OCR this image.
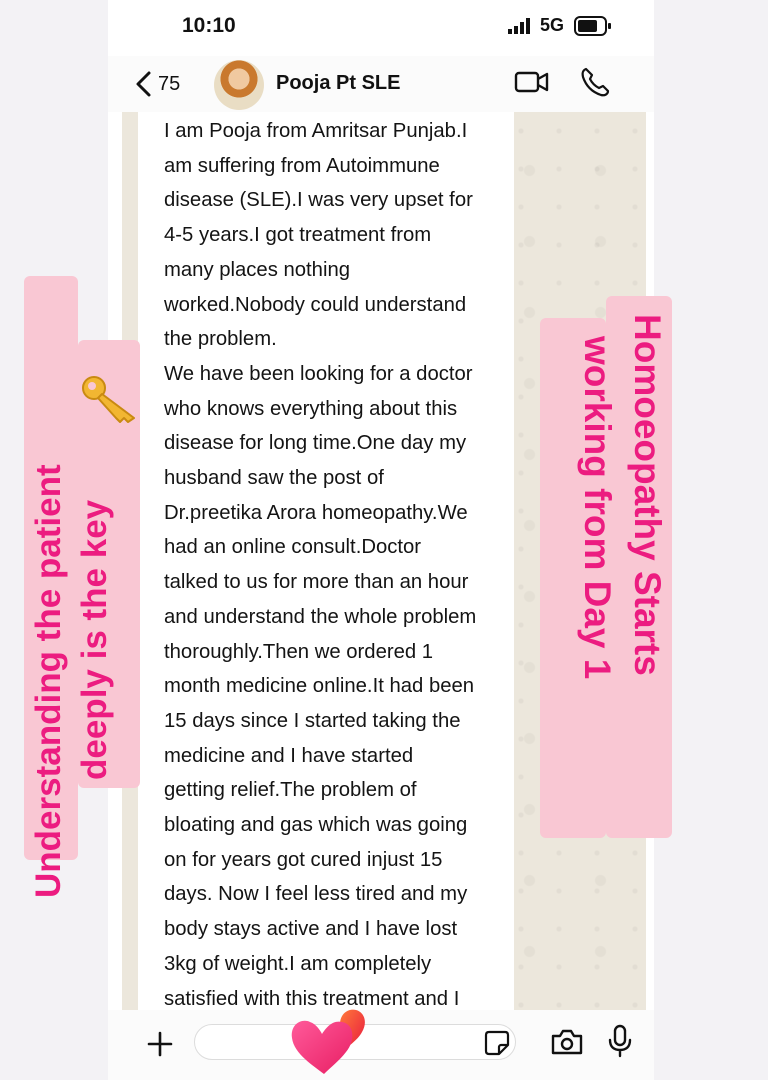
10:10	5G
75	Pooja Pt SLE

I am Pooja from Amritsar Punjab.I

am suffering from Autoimmune

disease (SLE).I was very upset for

4-5 years.I got treatment from

many places nothing

worked.Nobody could understand

the problem.

We have been looking for a doctor

who knows everything about this

disease for long time.One day my

husband saw the post of

Dr.preetika Arora homeopathy.We

had an online consult.Doctor

talked to us for more than an hour

and understand the whole problem

thoroughly.Then we ordered 1

month medicine online.It had been

15 days since I started taking the

medicine and I have started

getting relief.The problem of

bloating and gas which was going

on for years got cured injust 15

days. Now I feel less tired and my

body stays active and I have lost

3kg of weight.I am completely

satisfied with this treatment and I

Understanding the patient deeply is the key	Homoeopathy Starts
working from Day 1
